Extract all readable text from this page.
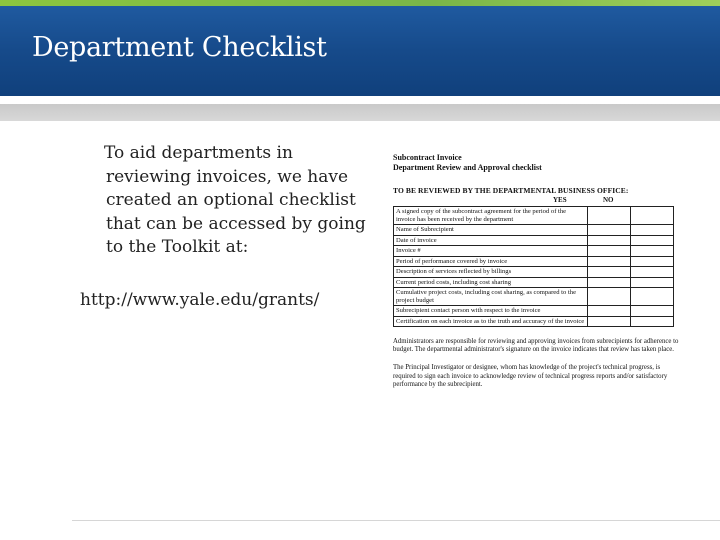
Department Checklist
To aid departments in
reviewing invoices, we have
created an optional checklist
that can be accessed by going
to the Toolkit at:
http://www.yale.edu/grants/
Subcontract Invoice
Department Review and Approval checklist
TO BE REVIEWED BY THE DEPARTMENTAL BUSINESS OFFICE:
YES	NO
A signed copy of the subcontract agreement for the period of the invoice has been received by the department		
Name of Subrecipient		
Date of invoice		
Invoice #		
Period of performance covered by invoice		
Description of services reflected by billings		
Current period costs, including cost sharing		
Cumulative project costs, including cost sharing, as compared to the project budget		
Subrecipient contact person with respect to the invoice		
Certification on each invoice as to the truth and accuracy of the invoice		
Administrators are responsible for reviewing and approving invoices from subrecipients for adherence to budget. The departmental administrator's signature on the invoice indicates that review has taken place.
The Principal Investigator or designee, whom has knowledge of the project's technical progress, is required to sign each invoice to acknowledge review of technical progress reports and/or satisfactory performance by the subrecipient.
